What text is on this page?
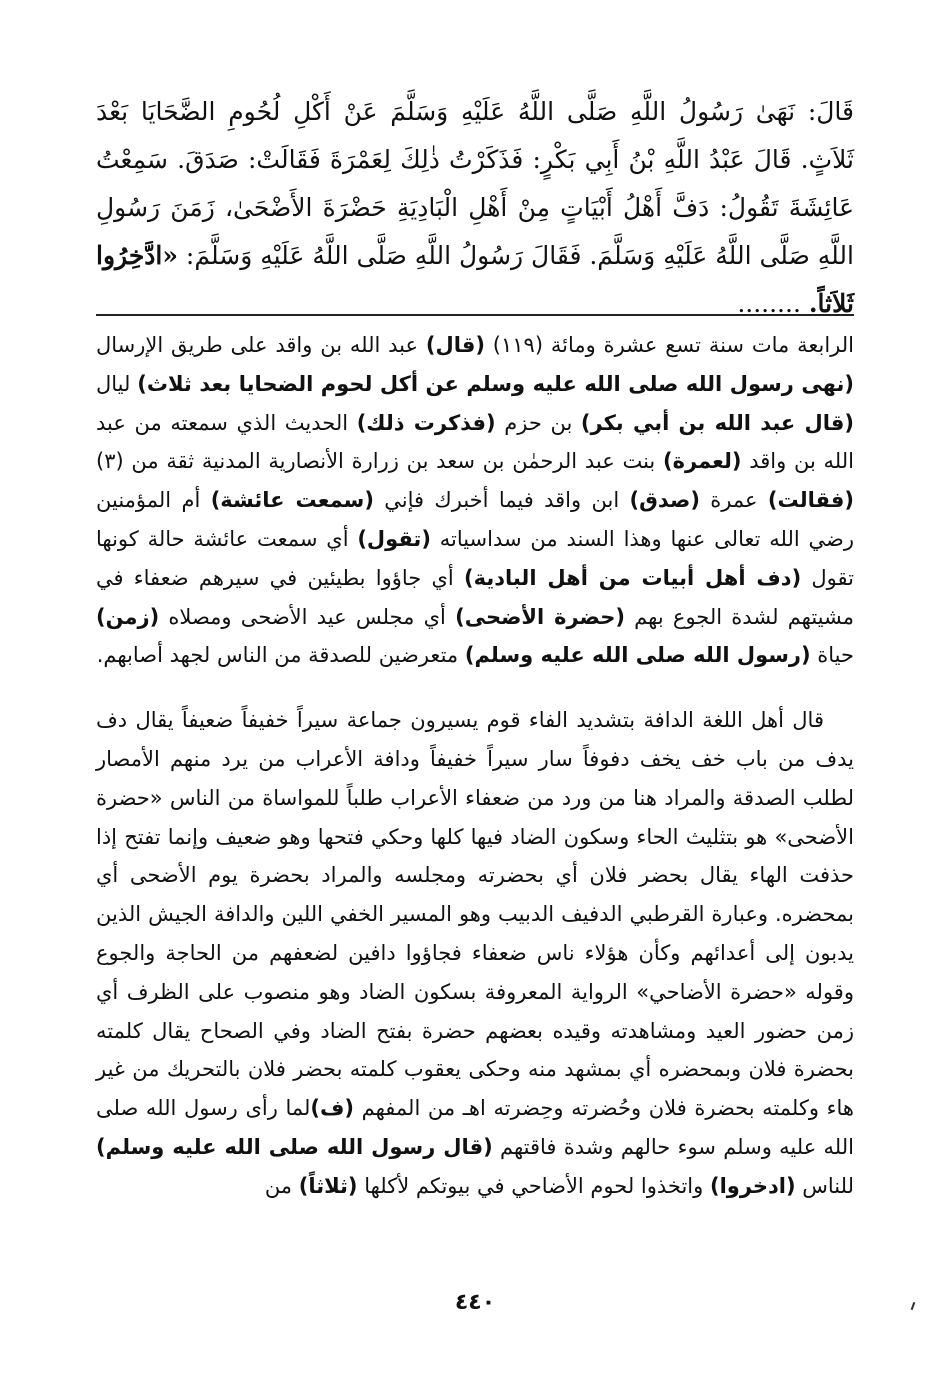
قَالَ: نَهَىٰ رَسُولُ اللَّهِ صَلَّى اللَّهُ عَلَيْهِ وَسَلَّمَ عَنْ أَكْلِ لُحُومِ الضَّحَايَا بَعْدَ ثَلاَثٍ. قَالَ عَبْدُ اللَّهِ بْنُ أَبِي بَكْرٍ: فَذَكَرْتُ ذٰلِكَ لِعَمْرَةَ فَقَالَتْ: صَدَقَ. سَمِعْتُ عَائِشَةَ تَقُولُ: دَفَّ أَهْلُ أَبْيَاتٍ مِنْ أَهْلِ الْبَادِيَةِ حَضْرَةَ الأَضْحَىٰ، زَمَنَ رَسُولِ اللَّهِ صَلَّى اللَّهُ عَلَيْهِ وَسَلَّمَ. فَقَالَ رَسُولُ اللَّهِ صَلَّى اللَّهُ عَلَيْهِ وَسَلَّمَ: «ادَّخِرُوا ثَلاَثاً. ........

الرابعة مات سنة تسع عشرة ومائة (١١٩) (قال) عبد الله بن واقد على طريق الإرسال (نهى رسول الله صلى الله عليه وسلم عن أكل لحوم الضحايا بعد ثلاث) ليال (قال عبد الله بن أبي بكر) بن حزم (فذكرت ذلك) الحديث الذي سمعته من عبد الله بن واقد (لعمرة) بنت عبد الرحمٰن بن سعد بن زرارة الأنصارية المدنية ثقة من (٣) (فقالت) عمرة (صدق) ابن واقد فيما أخبرك فإني (سمعت عائشة) أم المؤمنين رضي الله تعالى عنها وهذا السند من سداسياته (تقول) أي سمعت عائشة حالة كونها تقول (دف أهل أبيات من أهل البادية) أي جاؤوا بطيئين في سيرهم ضعفاء في مشيتهم لشدة الجوع بهم (حضرة الأضحى) أي مجلس عيد الأضحى ومصلاه (زمن) حياة (رسول الله صلى الله عليه وسلم) متعرضين للصدقة من الناس لجهد أصابهم.

قال أهل اللغة الدافة بتشديد الفاء قوم يسيرون جماعة سيراً خفيفاً ضعيفاً يقال دف يدف من باب خف يخف دفوفاً سار سيراً خفيفاً ودافة الأعراب من يرد منهم الأمصار لطلب الصدقة والمراد هنا من ورد من ضعفاء الأعراب طلباً للمواساة من الناس «حضرة الأضحى» هو بتثليث الحاء وسكون الضاد فيها كلها وحكي فتحها وهو ضعيف وإنما تفتح إذا حذفت الهاء يقال بحضر فلان أي بحضرته ومجلسه والمراد بحضرة يوم الأضحى أي بمحضره. وعبارة القرطبي الدفيف الدبيب وهو المسير الخفي اللين والدافة الجيش الذين يدبون إلى أعدائهم وكأن هؤلاء ناس ضعفاء فجاؤوا دافين لضعفهم من الحاجة والجوع وقوله «حضرة الأضاحي» الرواية المعروفة بسكون الضاد وهو منصوب على الظرف أي زمن حضور العيد ومشاهدته وقيده بعضهم حضرة بفتح الضاد وفي الصحاح يقال كلمته بحضرة فلان وبمحضره أي بمشهد منه وحكى يعقوب كلمته بحضر فلان بالتحريك من غير هاء وكلمته بحضرة فلان وحُضرته وحِضرته اهـ من المفهم (ف)لما رأى رسول الله صلى الله عليه وسلم سوء حالهم وشدة فاقتهم (قال رسول الله صلى الله عليه وسلم) للناس (ادخروا) واتخذوا لحوم الأضاحي في بيوتكم لأكلها (ثلاثاً) من

٤٤٠
